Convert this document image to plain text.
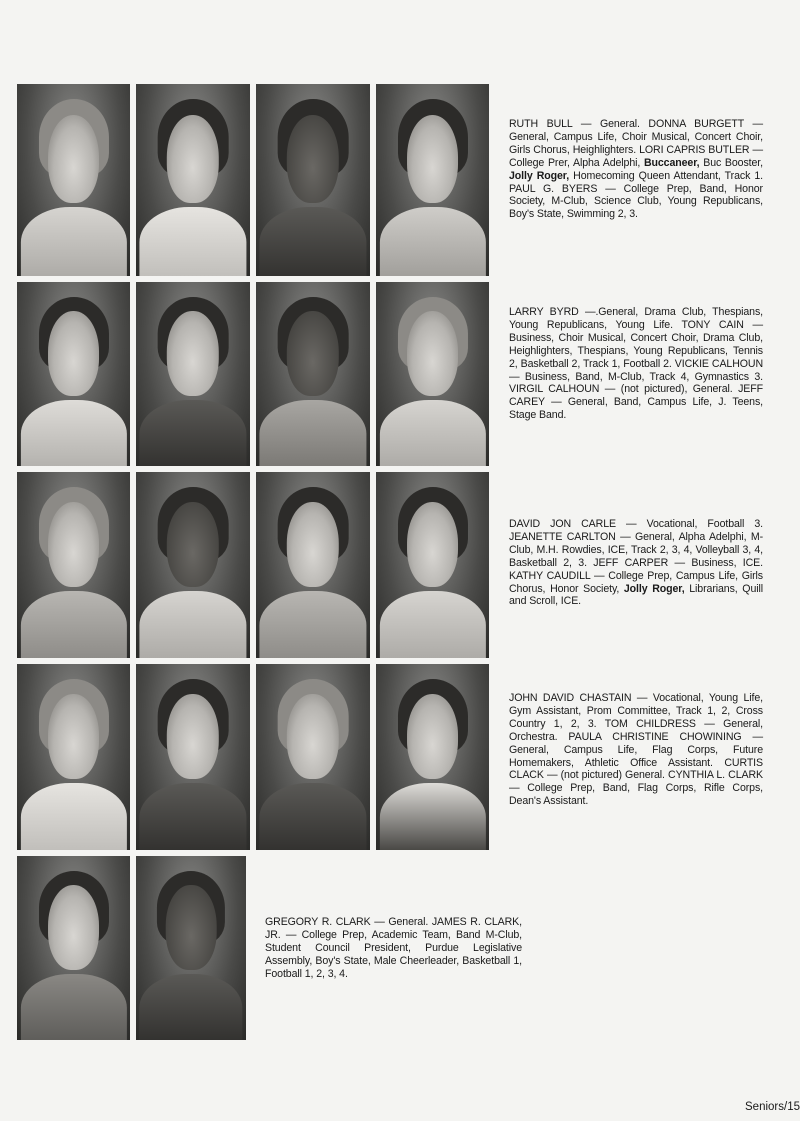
RUTH BULL — General. DONNA BURGETT — General, Campus Life, Choir Musical, Concert Choir, Girls Chorus, Heighlighters. LORI CAPRIS BUTLER — College Prer, Alpha Adelphi, Buccaneer, Buc Booster, Jolly Roger, Homecoming Queen Attendant, Track 1. PAUL G. BYERS — College Prep, Band, Honor Society, M-Club, Science Club, Young Republicans, Boy's State, Swimming 2, 3.
LARRY BYRD —.General, Drama Club, Thespians, Young Republicans, Young Life. TONY CAIN — Business, Choir Musical, Concert Choir, Drama Club, Heighlighters, Thespians, Young Republicans, Tennis 2, Basketball 2, Track 1, Football 2. VICKIE CALHOUN — Business, Band, M-Club, Track 4, Gymnastics 3. VIRGIL CALHOUN — (not pictured), General. JEFF CAREY — General, Band, Campus Life, J. Teens, Stage Band.
DAVID JON CARLE — Vocational, Football 3. JEANETTE CARLTON — General, Alpha Adelphi, M-Club, M.H. Rowdies, ICE, Track 2, 3, 4, Volleyball 3, 4, Basketball 2, 3. JEFF CARPER — Business, ICE. KATHY CAUDILL — College Prep, Campus Life, Girls Chorus, Honor Society, Jolly Roger, Librarians, Quill and Scroll, ICE.
JOHN DAVID CHASTAIN — Vocational, Young Life, Gym Assistant, Prom Committee, Track 1, 2, Cross Country 1, 2, 3. TOM CHILDRESS — General, Orchestra. PAULA CHRISTINE CHOWINING — General, Campus Life, Flag Corps, Future Homemakers, Athletic Office Assistant. CURTIS CLACK — (not pictured) General. CYNTHIA L. CLARK — College Prep, Band, Flag Corps, Rifle Corps, Dean's Assistant.
GREGORY R. CLARK — General. JAMES R. CLARK, JR. — College Prep, Academic Team, Band M-Club, Student Council President, Purdue Legislative Assembly, Boy's State, Male Cheerleader, Basketball 1, Football 1, 2, 3, 4.
Seniors/15
